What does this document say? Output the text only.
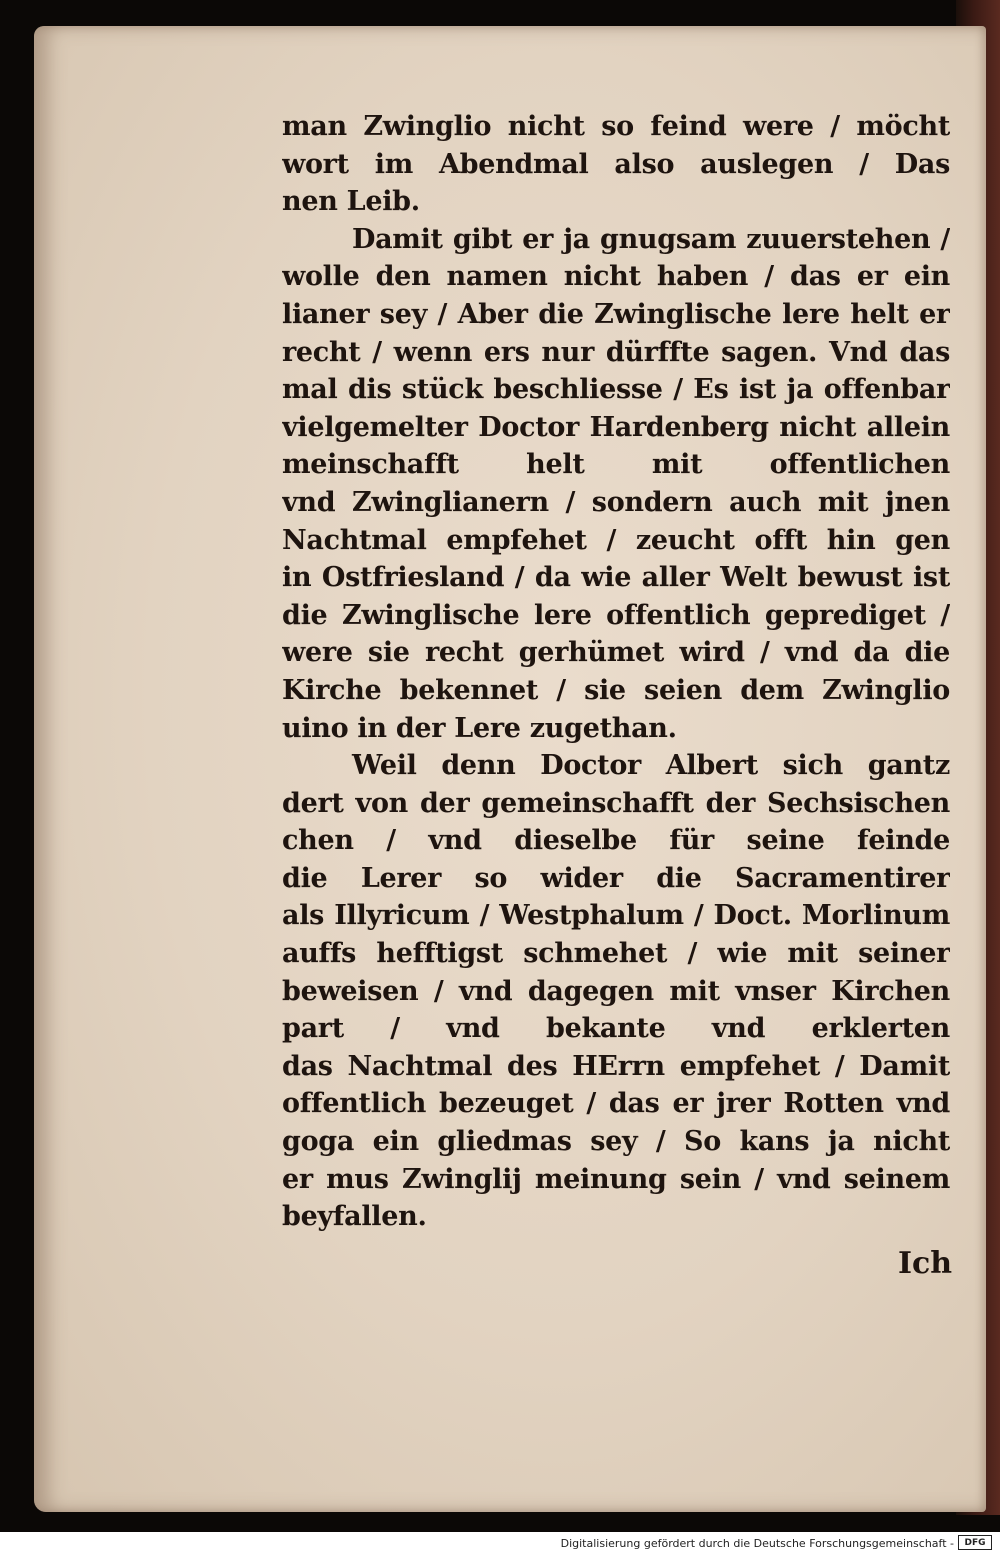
man Zwinglio nicht so feind were / möcht
wort im Abendmal also auslegen / Das
nen Leib.
Damit gibt er ja gnugsam zuuerstehen /
wolle den namen nicht haben / das er ein
lianer sey / Aber die Zwinglische lere helt er
recht / wenn ers nur dürffte sagen. Vnd das
mal dis stück beschliesse / Es ist ja offenbar
vielgemelter Doctor Hardenberg nicht allein
meinschafft helt mit offentlichen
vnd Zwinglianern / sondern auch mit jnen
Nachtmal empfehet / zeucht offt hin gen
in Ostfriesland / da wie aller Welt bewust ist
die Zwinglische lere offentlich geprediget /
were sie recht gerhümet wird / vnd da die
Kirche bekennet / sie seien dem Zwinglio
uino in der Lere zugethan.
Weil denn Doctor Albert sich gantz
dert von der gemeinschafft der Sechsischen
chen / vnd dieselbe für seine feinde
die Lerer so wider die Sacramentirer
als Illyricum / Westphalum / Doct. Morlinum
auffs hefftigst schmehet / wie mit seiner
beweisen / vnd dagegen mit vnser Kirchen
part / vnd bekante vnd erklerten
das Nachtmal des HErrn empfehet / Damit
offentlich bezeuget / das er jrer Rotten vnd
goga ein gliedmas sey / So kans ja nicht
er mus Zwinglij meinung sein / vnd seinem
beyfallen.
Ich
Digitalisierung gefördert durch die Deutsche Forschungsgemeinschaft -	DFG
